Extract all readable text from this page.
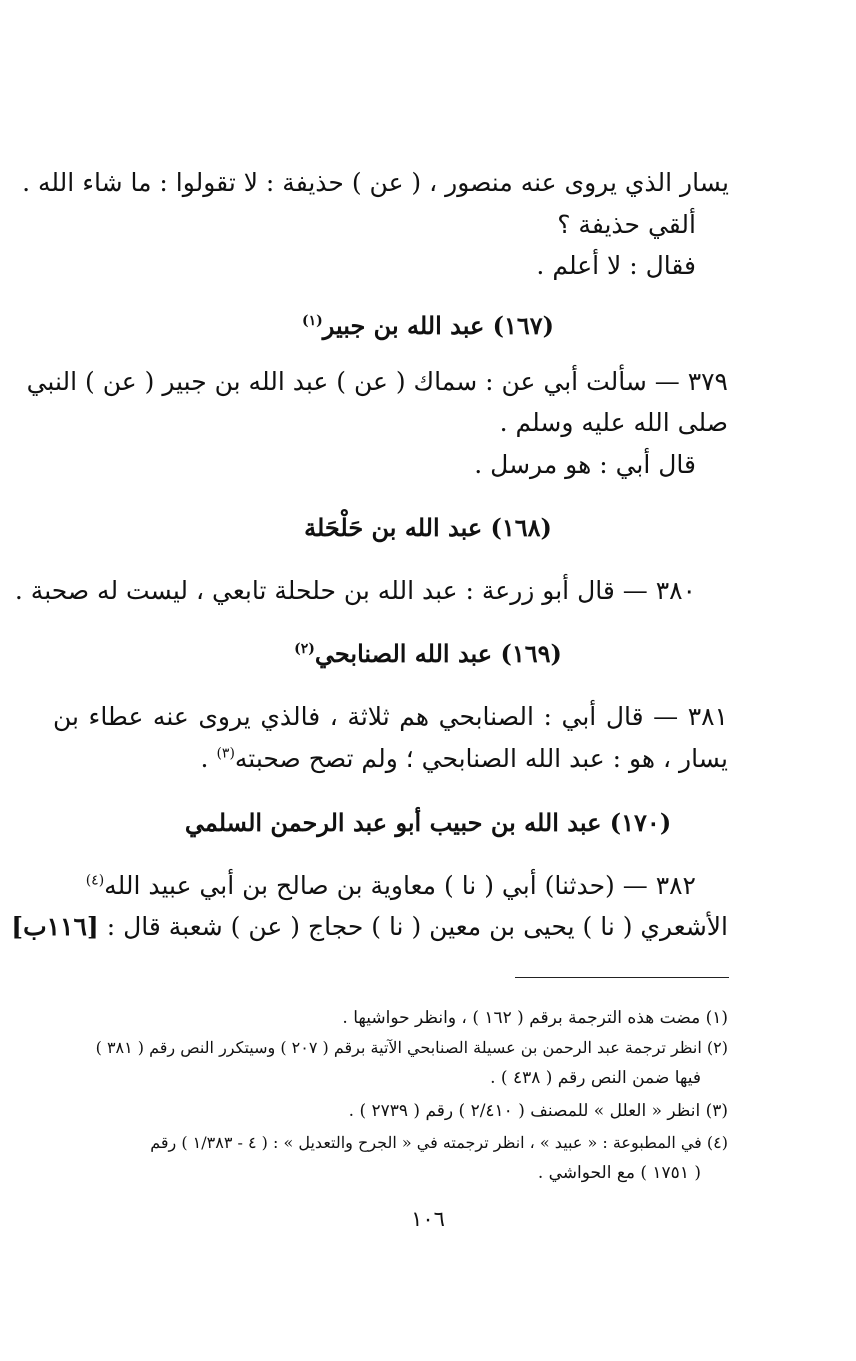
يسار الذي يروى عنه منصور ، ( عن ) حذيفة : لا تقولوا : ما شاء الله .
ألقي حذيفة ؟
فقال : لا أعلم .
(١٦٧) عبد الله بن جبير$^{(١)}$
٣٧٩ — سألت أبي عن : سماك ( عن ) عبد الله بن جبير ( عن ) النبي
صلى الله عليه وسلم .
قال أبي : هو مرسل .
(١٦٨) عبد الله بن حَلْحَلة
٣٨٠ — قال أبو زرعة : عبد الله بن حلحلة تابعي ، ليست له صحبة .
(١٦٩) عبد الله الصنابحي$^{(٢)}$
٣٨١ — قال أبي : الصنابحي هم ثلاثة ، فالذي يروى عنه عطاء بن
يسار ، هو : عبد الله الصنابحي ؛ ولم تصح صحبته$^{(٣)}$ .
(١٧٠) عبد الله بن حبيب أبو عبد الرحمن السلمي
٣٨٢ — (حدثنا) أبي ( نا ) معاوية بن صالح بن أبي عبيد الله$^{(٤)}$
الأشعري ( نا ) يحيى بن معين ( نا ) حجاج ( عن ) شعبة قال : [١١٦ب]
(١) مضت هذه الترجمة برقم ( ١٦٢ ) ، وانظر حواشيها .
(٢) انظر ترجمة عبد الرحمن بن عسيلة الصنابحي الآتية برقم ( ٢٠٧ ) وسيتكرر النص رقم ( ٣٨١ )
فيها ضمن النص رقم ( ٤٣٨ ) .
(٣) انظر « العلل » للمصنف ( ٢/٤١٠ ) رقم ( ٢٧٣٩ ) .
(٤) في المطبوعة : « عبيد » ، انظر ترجمته في « الجرح والتعديل » : ( ٤ - ١/٣٨٣ ) رقم
( ١٧٥١ ) مع الحواشي .
١٠٦
